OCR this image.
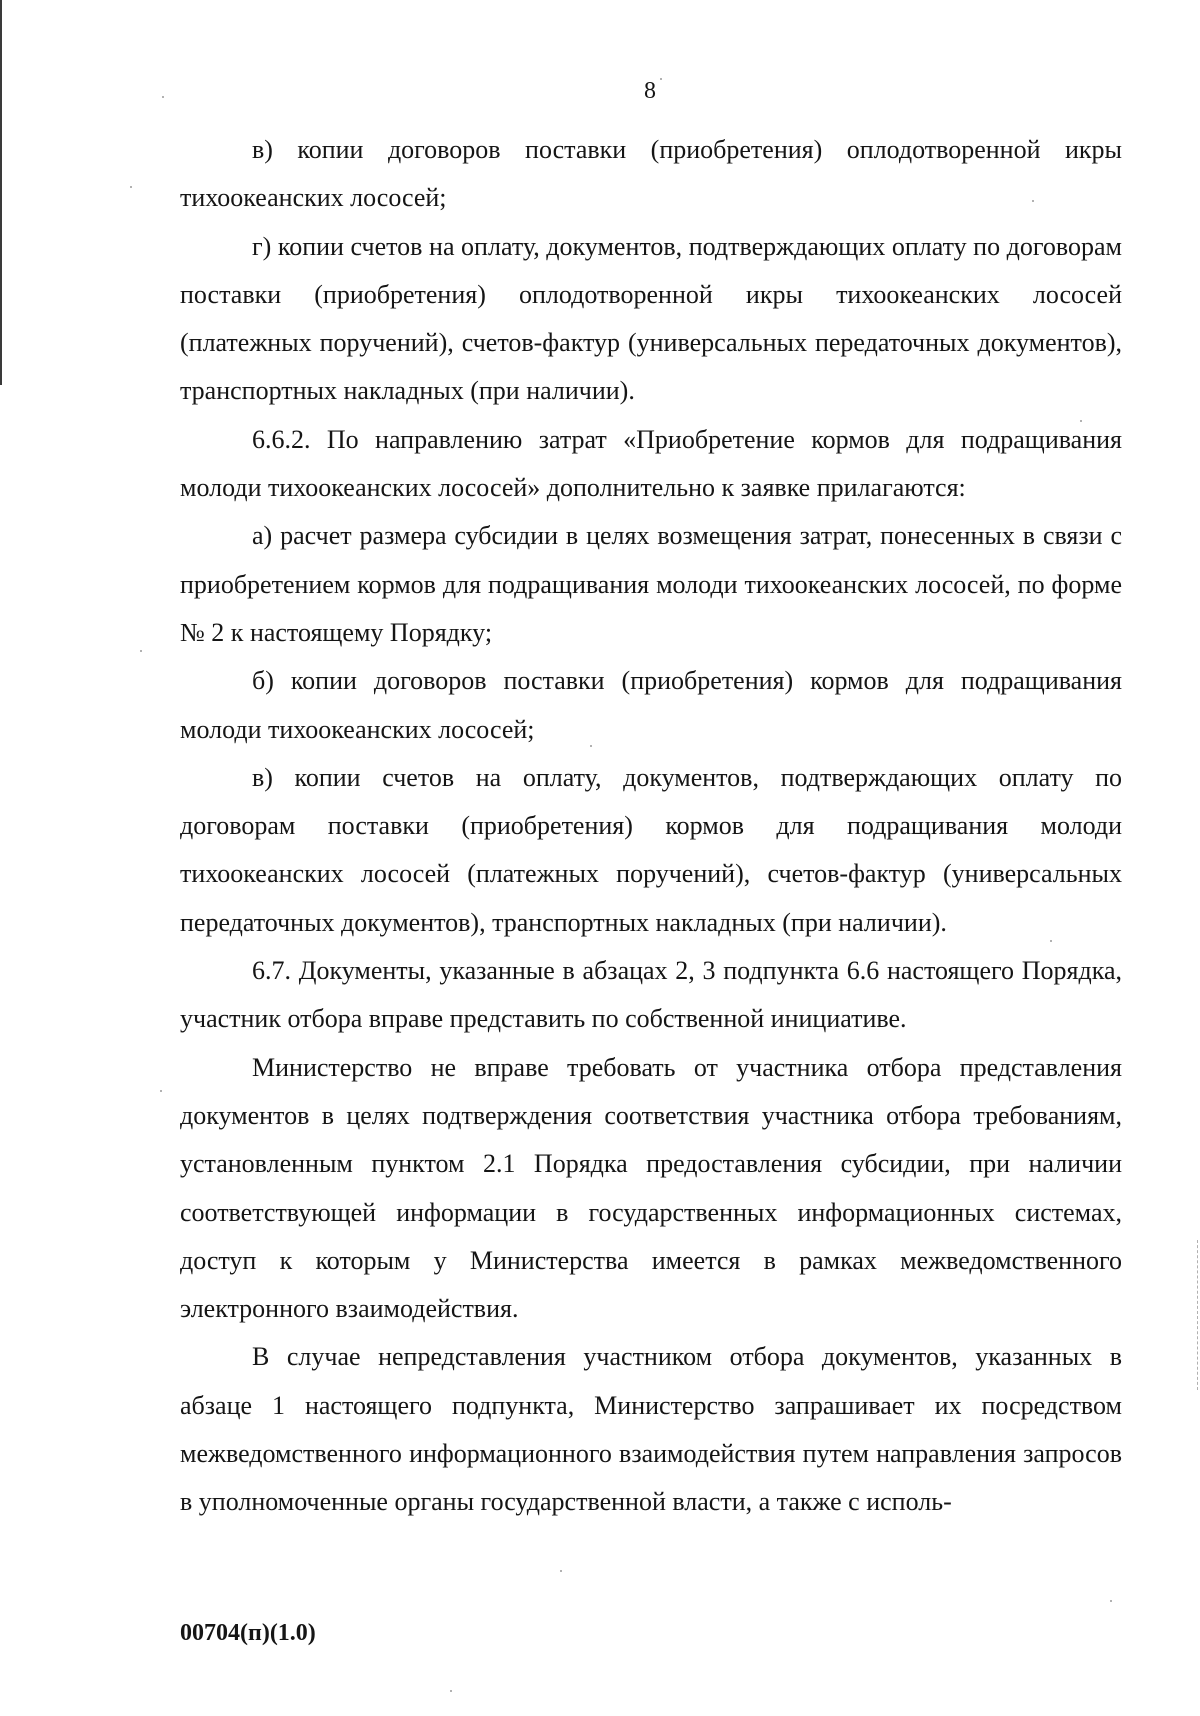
8

в) копии договоров поставки (приобретения) оплодотворенной икры тихоокеанских лососей;

г) копии счетов на оплату, документов, подтверждающих оплату по договорам поставки (приобретения) оплодотворенной икры тихоокеанских лососей (платежных поручений), счетов-фактур (универсальных передаточных документов), транспортных накладных (при наличии).

6.6.2. По направлению затрат «Приобретение кормов для подращивания молоди тихоокеанских лососей» дополнительно к заявке прилагаются:

а) расчет размера субсидии в целях возмещения затрат, понесенных в связи с приобретением кормов для подращивания молоди тихоокеанских лососей, по форме № 2 к настоящему Порядку;

б) копии договоров поставки (приобретения) кормов для подращивания молоди тихоокеанских лососей;

в) копии счетов на оплату, документов, подтверждающих оплату по договорам поставки (приобретения) кормов для подращивания молоди тихоокеанских лососей (платежных поручений), счетов-фактур (универсальных передаточных документов), транспортных накладных (при наличии).

6.7. Документы, указанные в абзацах 2, 3 подпункта 6.6 настоящего Порядка, участник отбора вправе представить по собственной инициативе.

Министерство не вправе требовать от участника отбора представления документов в целях подтверждения соответствия участника отбора требованиям, установленным пунктом 2.1 Порядка предоставления субсидии, при наличии соответствующей информации в государственных информационных системах, доступ к которым у Министерства имеется в рамках межведомственного электронного взаимодействия.

В случае непредставления участником отбора документов, указанных в абзаце 1 настоящего подпункта, Министерство запрашивает их посредством межведомственного информационного взаимодействия путем направления запросов в уполномоченные органы государственной власти, а также с исполь-

00704(п)(1.0)
